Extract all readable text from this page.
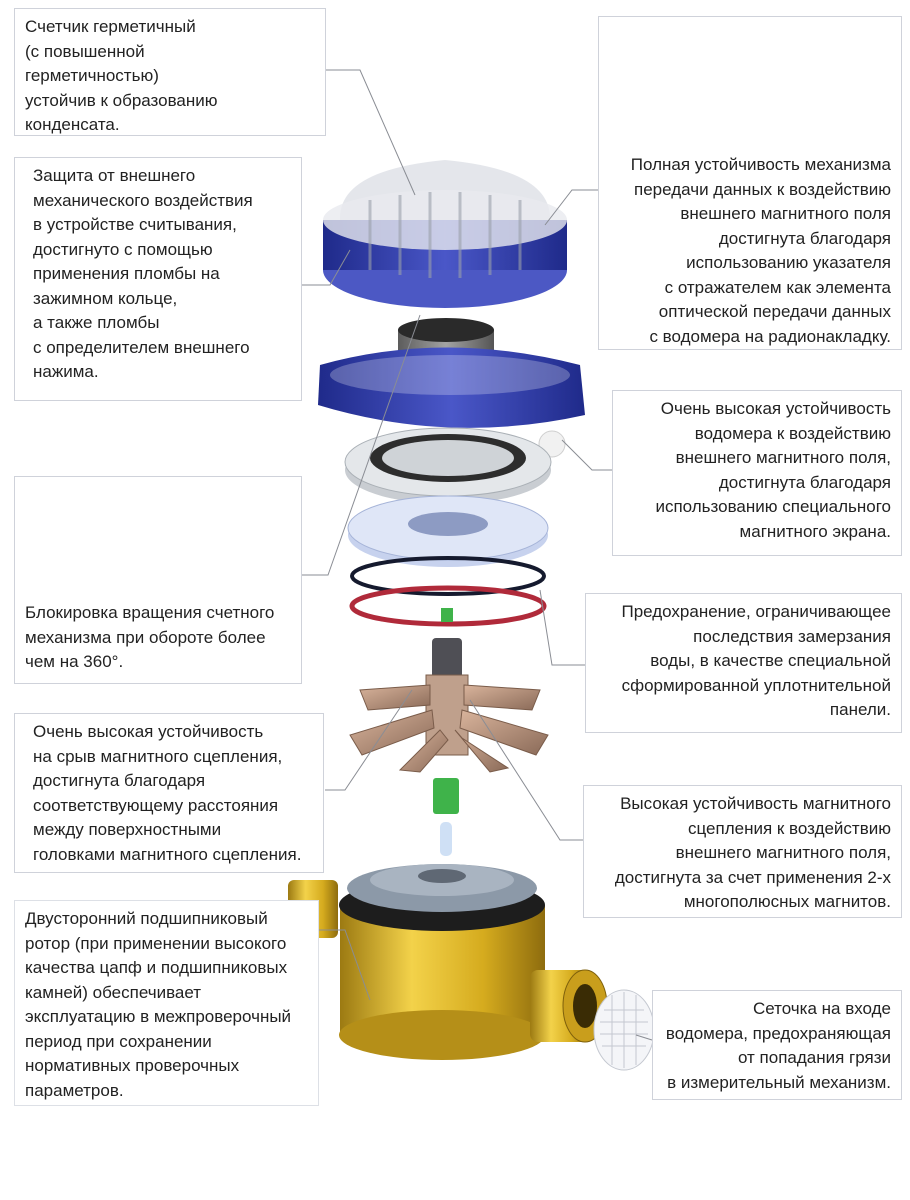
Счетчик герметичный
(с повышенной
герметичностью)
устойчив к образованию
конденсата.
Защита от внешнего
механического воздействия
в устройстве считывания,
достигнуто с помощью
применения пломбы на
зажимном кольце,
а также пломбы
с определителем внешнего
нажима.
Полная устойчивость механизма
передачи данных к воздействию
внешнего магнитного поля
достигнута благодаря
использованию указателя
с отражателем как элемента
оптической передачи данных
с водомера на радионакладку.
Очень высокая устойчивость
водомера к воздействию
внешнего магнитного поля,
достигнута благодаря
использованию специального
магнитного экрана.
Блокировка вращения счетного
механизма при обороте более
чем на 360°.
Предохранение, ограничивающее
последствия замерзания
воды, в качестве специальной
сформированной уплотнительной
панели.
Очень высокая устойчивость
на срыв магнитного сцепления,
достигнута благодаря
соответствующему расстояния
между поверхностными
головками магнитного сцепления.
Высокая устойчивость магнитного
сцепления к воздействию
внешнего магнитного поля,
достигнута за счет применения 2-х
многополюсных магнитов.
Двусторонний подшипниковый
ротор (при применении высокого
качества цапф и подшипниковых
камней) обеспечивает
эксплуатацию в межпроверочный
период при сохранении
нормативных проверочных
параметров.
Сеточка на входе
водомера, предохраняющая
от попадания грязи
в измерительный механизм.
